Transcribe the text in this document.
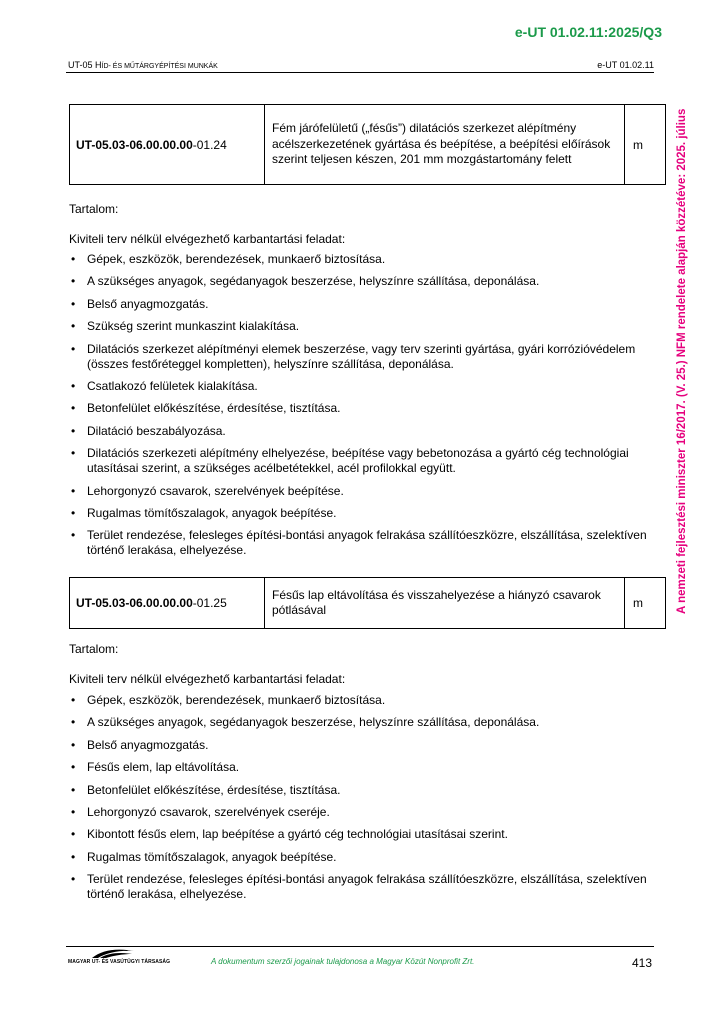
e-UT 01.02.11:2025/Q3
UT-05 HÍD- ÉS MŰTÁRGYÉPÍTÉSI MUNKÁK	e-UT 01.02.11
A nemzeti fejlesztési miniszter 16/2017. (V. 25.) NFM rendelete alapján közzétéve: 2025. július
UT-05.03-06.00.00.00-01.24	Fém járófelületű („fésűs”) dilatációs szerkezet alépítmény acélszerkezetének gyártása és beépítése, a beépítési előírások szerint teljesen készen, 201 mm mozgástartomány felett	m
Tartalom:
Kiviteli terv nélkül elvégezhető karbantartási feladat:
• Gépek, eszközök, berendezések, munkaerő biztosítása.
• A szükséges anyagok, segédanyagok beszerzése, helyszínre szállítása, deponálása.
• Belső anyagmozgatás.
• Szükség szerint munkaszint kialakítása.
• Dilatációs szerkezet alépítményi elemek beszerzése, vagy terv szerinti gyártása, gyári korrózióvédelem (összes festőréteggel kompletten), helyszínre szállítása, deponálása.
• Csatlakozó felületek kialakítása.
• Betonfelület előkészítése, érdesítése, tisztítása.
• Dilatáció beszabályozása.
• Dilatációs szerkezeti alépítmény elhelyezése, beépítése vagy bebetonozása a gyártó cég technológiai utasításai szerint, a szükséges acélbetétekkel, acél profilokkal együtt.
• Lehorgonyzó csavarok, szerelvények beépítése.
• Rugalmas tömítőszalagok, anyagok beépítése.
• Terület rendezése, felesleges építési-bontási anyagok felrakása szállítóeszközre, elszállítása, szelektíven történő lerakása, elhelyezése.
UT-05.03-06.00.00.00-01.25	Fésűs lap eltávolítása és visszahelyezése a hiányzó csavarok pótlásával	m
Tartalom:
Kiviteli terv nélkül elvégezhető karbantartási feladat:
• Gépek, eszközök, berendezések, munkaerő biztosítása.
• A szükséges anyagok, segédanyagok beszerzése, helyszínre szállítása, deponálása.
• Belső anyagmozgatás.
• Fésűs elem, lap eltávolítása.
• Betonfelület előkészítése, érdesítése, tisztítása.
• Lehorgonyzó csavarok, szerelvények cseréje.
• Kibontott fésűs elem, lap beépítése a gyártó cég technológiai utasításai szerint.
• Rugalmas tömítőszalagok, anyagok beépítése.
• Terület rendezése, felesleges építési-bontási anyagok felrakása szállítóeszközre, elszállítása, szelektíven történő lerakása, elhelyezése.
MAGYAR UT- ÉS VASÚTÜGYI TÁRSASÁG	A dokumentum szerzői jogainak tulajdonosa a Magyar Közút Nonprofit Zrt.	413
